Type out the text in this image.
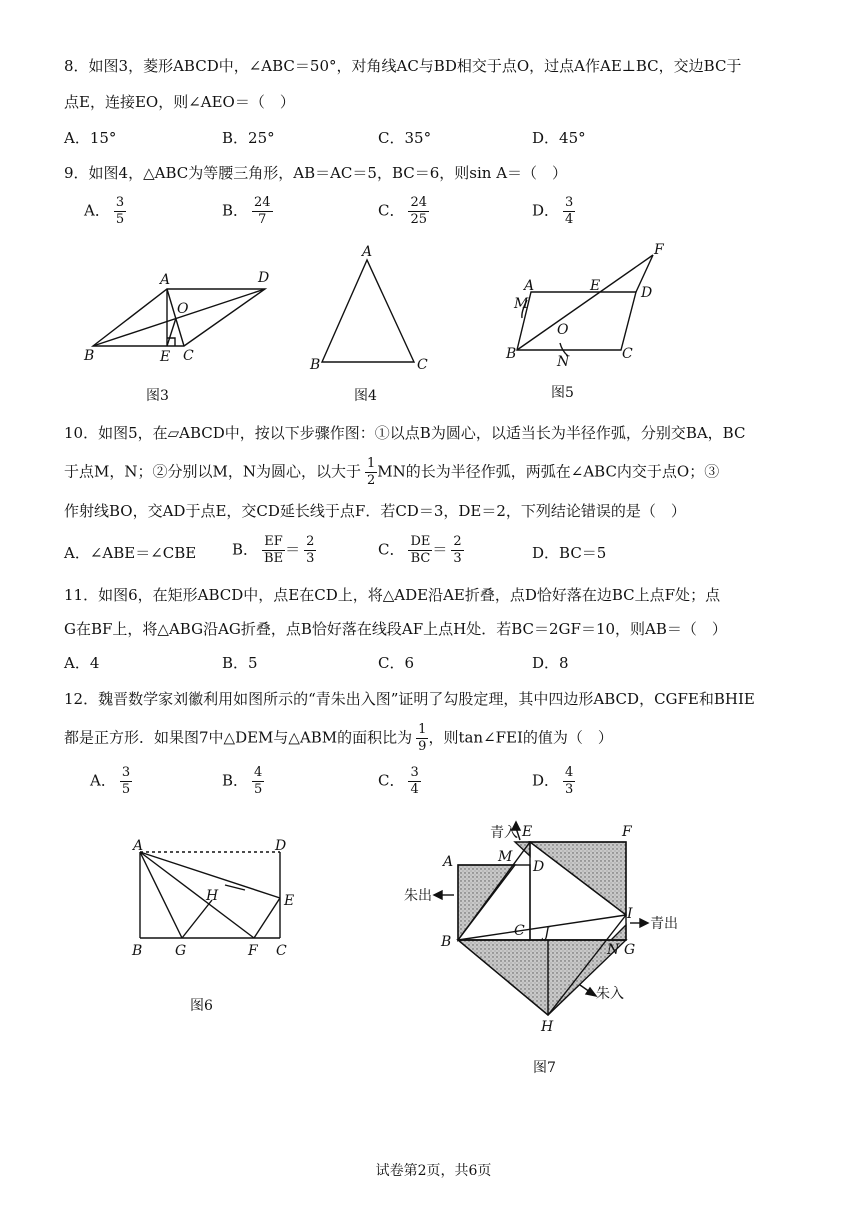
8．如图3，菱形ABCD中，∠ABC＝50°，对角线AC与BD相交于点O，过点A作AE⊥BC，交边BC于
点E，连接EO，则∠AEO＝（　）
A．15°	B．25°	C．35°	D．45°
9．如图4，△ABC为等腰三角形，AB＝AC＝5，BC＝6，则sin A＝（　）
A． $\frac{3}{5}$	B． $\frac{24}{7}$	C． $\frac{24}{25}$	D． $\frac{3}{4}$
A
B	C
D
E
O
A
B	C
A
B	C
D
E
F
M
N
O
A
B	C
D
E
F
G
H
E	F
A	M
D
I
B
C J
N G
H
青入
朱出
青出
朱入
图3	图4	图5
10．如图5，在▱ABCD中，按以下步骤作图：①以点B为圆心，以适当长为半径作弧，分别交BA，BC
于点M，N；②分别以M，N为圆心，以大于 $\frac{1}{2}$ MN的长为半径作弧，两弧在∠ABC内交于点O；③
作射线BO，交AD于点E，交CD延长线于点F．若CD＝3，DE＝2，下列结论错误的是（　）
A．∠ABE＝∠CBE B． $\frac{EF}{BE} = \frac{2}{3}$	C． $\frac{DE}{BC} = \frac{2}{3}$	D．BC＝5
11．如图6，在矩形ABCD中，点E在CD上，将△ADE沿AE折叠，点D恰好落在边BC上点F处；点
G在BF上，将△ABG沿AG折叠，点B恰好落在线段AF上点H处．若BC＝2GF＝10，则AB＝（　）
A．4	B．5	C．6	D．8
12．魏晋数学家刘徽利用如图所示的“青朱出入图”证明了勾股定理，其中四边形ABCD，CGFE和BHIE
都是正方形．如果图7中△DEM与△ABM的面积比为 $\frac{1}{9}$ ，则tan∠FEI的值为（　）
A． $\frac{3}{5}$	B． $\frac{4}{5}$	C． $\frac{3}{4}$	D． $\frac{4}{3}$
图6
图7
试卷第2页，共6页
